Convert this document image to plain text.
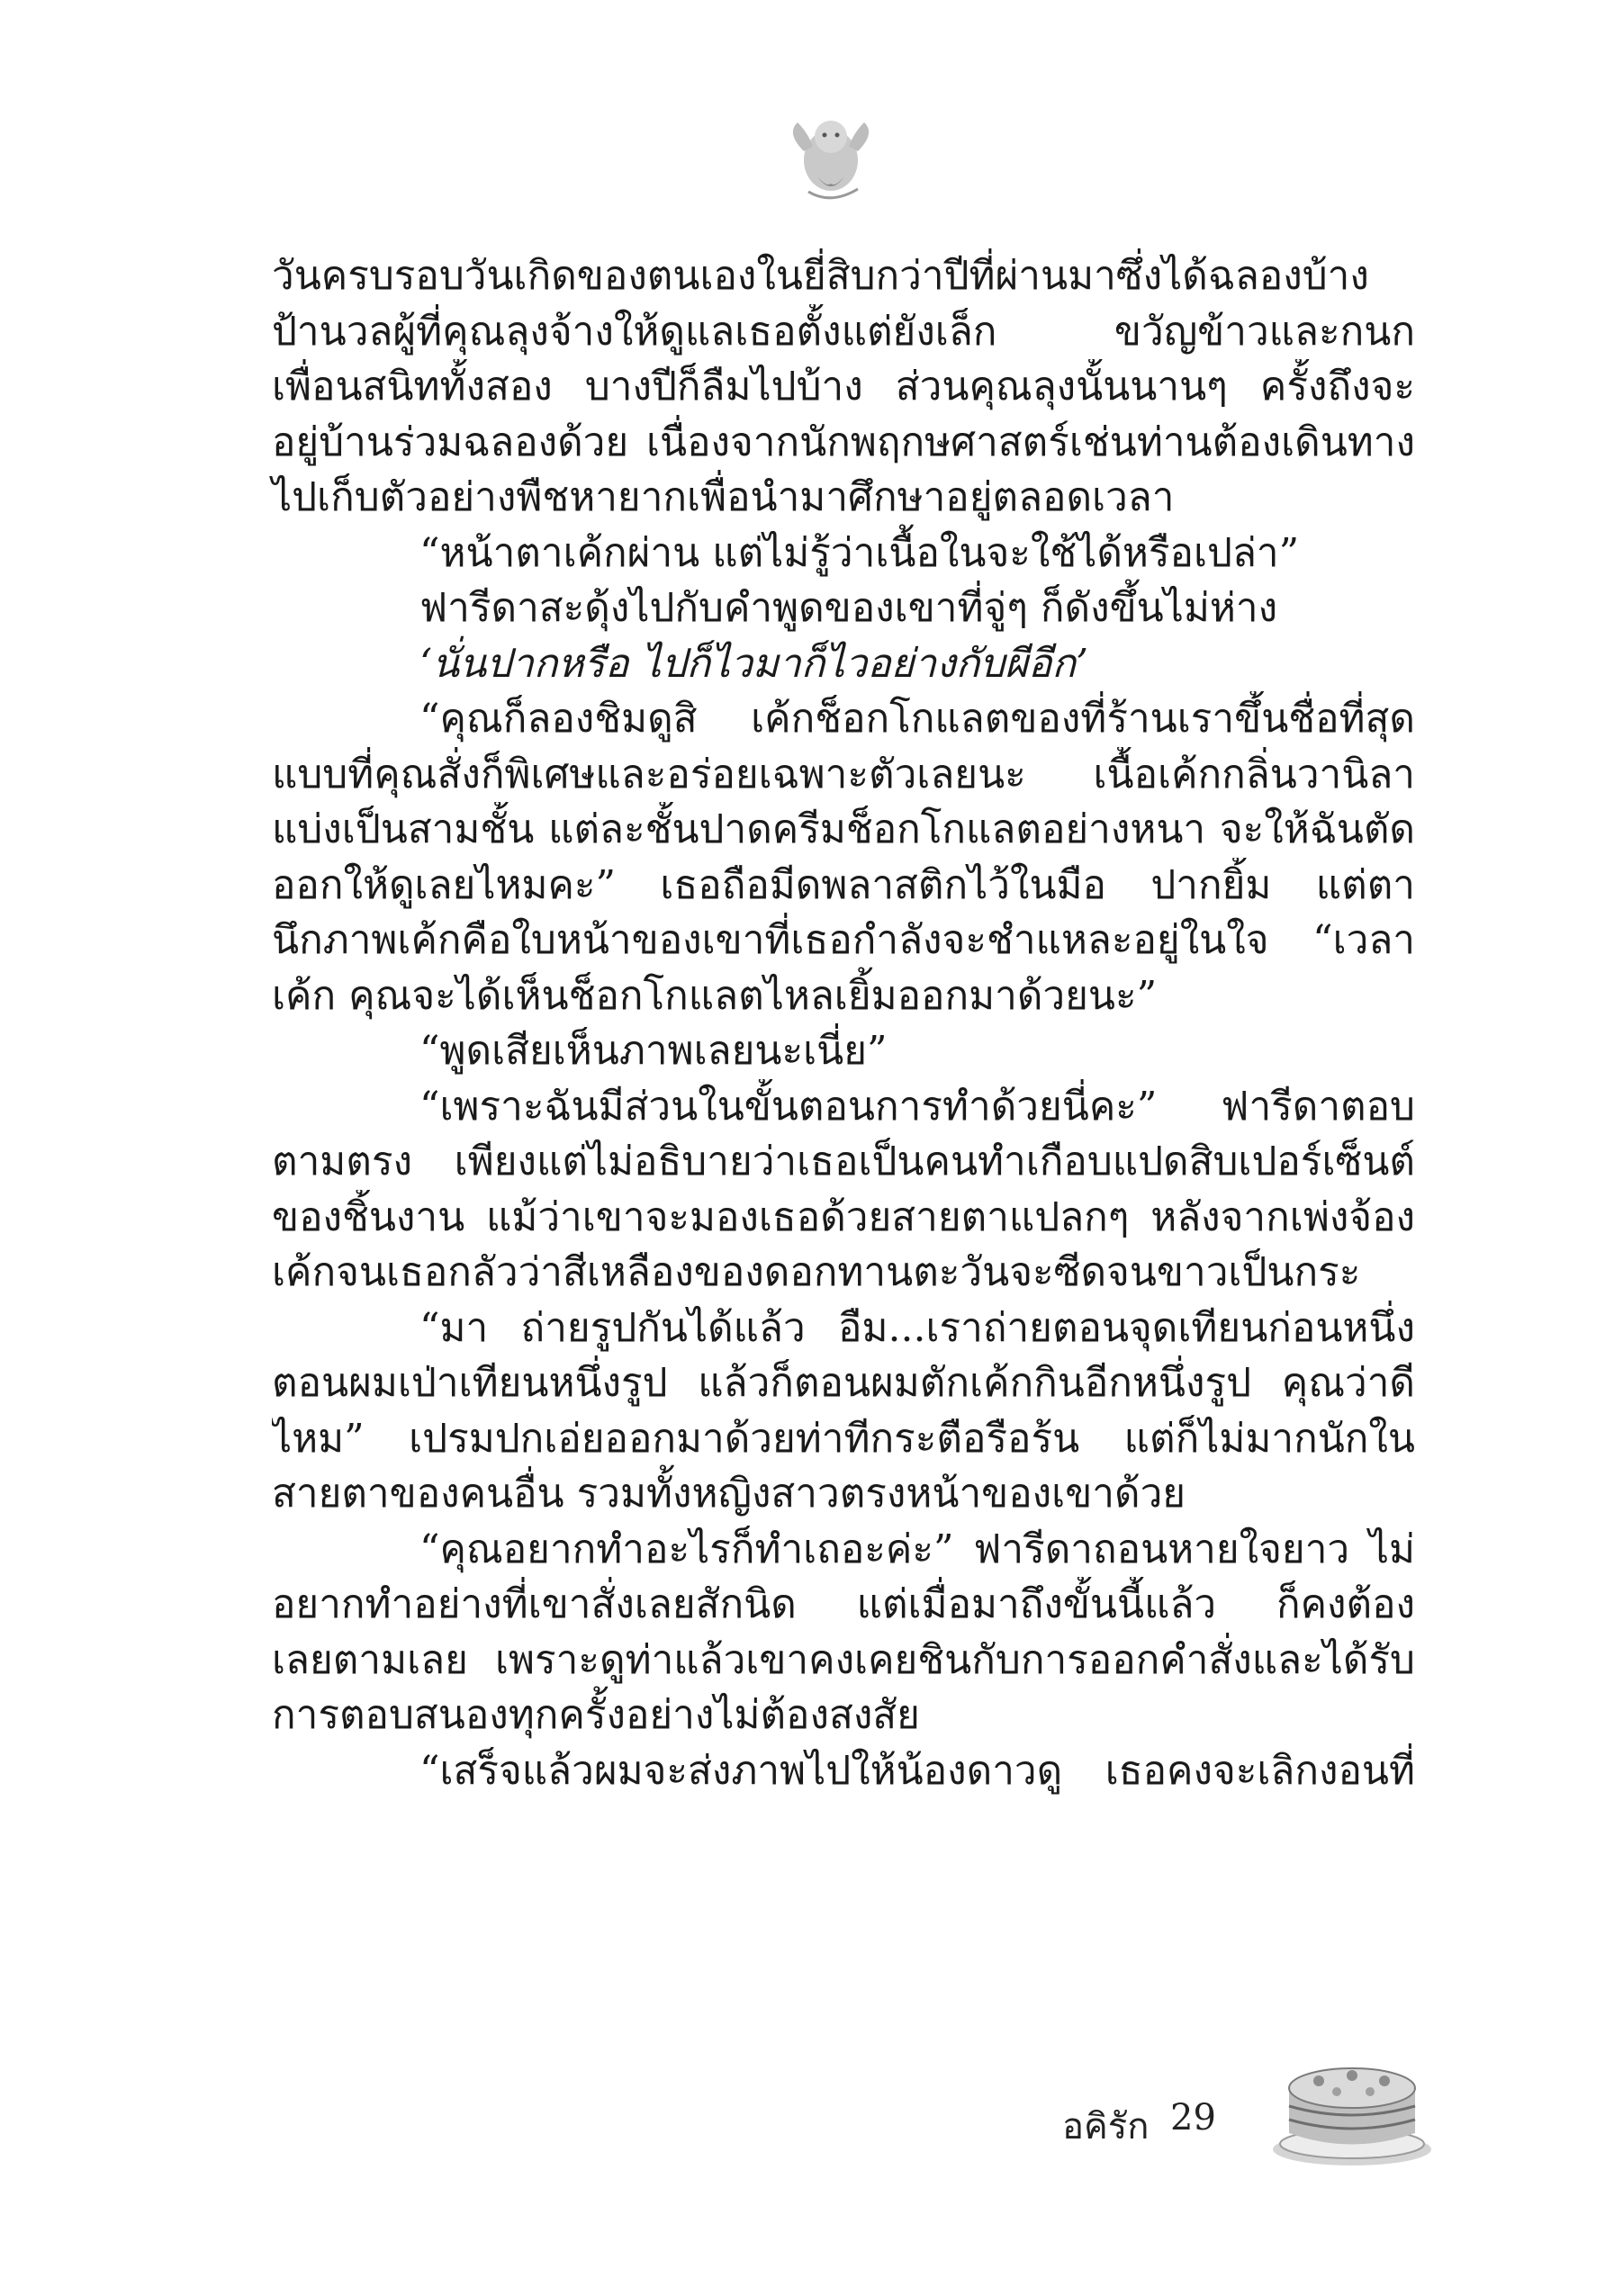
วันครบรอบวันเกิดของตนเองในยี่สิบกว่าปีที่ผ่านมาซึ่งได้ฉลองบ้าง
ป้านวลผู้ที่คุณลุงจ้างให้ดูแลเธอตั้งแต่ยังเล็ก ขวัญข้าวและกนก
เพื่อนสนิททั้งสอง บางปีก็ลืมไปบ้าง ส่วนคุณลุงนั้นนานๆ ครั้งถึงจะ
อยู่บ้านร่วมฉลองด้วย เนื่องจากนักพฤกษศาสตร์เช่นท่านต้องเดินทาง
ไปเก็บตัวอย่างพืชหายากเพื่อนำมาศึกษาอยู่ตลอดเวลา
“หน้าตาเค้กผ่าน แต่ไม่รู้ว่าเนื้อในจะใช้ได้หรือเปล่า”
ฟารีดาสะดุ้งไปกับคำพูดของเขาที่จู่ๆ ก็ดังขึ้นไม่ห่าง
‘นั่นปากหรือ ไปก็ไวมาก็ไวอย่างกับผีอีก’
“คุณก็ลองชิมดูสิ เค้กช็อกโกแลตของที่ร้านเราขึ้นชื่อที่สุด
แบบที่คุณสั่งก็พิเศษและอร่อยเฉพาะตัวเลยนะ เนื้อเค้กกลิ่นวานิลา
แบ่งเป็นสามชั้น แต่ละชั้นปาดครีมช็อกโกแลตอย่างหนา จะให้ฉันตัด
ออกให้ดูเลยไหมคะ” เธอถือมีดพลาสติกไว้ในมือ ปากยิ้ม แต่ตา
นึกภาพเค้กคือใบหน้าของเขาที่เธอกำลังจะชำแหละอยู่ในใจ “เวลา
เค้ก คุณจะได้เห็นช็อกโกแลตไหลเยิ้มออกมาด้วยนะ”
“พูดเสียเห็นภาพเลยนะเนี่ย”
“เพราะฉันมีส่วนในขั้นตอนการทำด้วยนี่คะ” ฟารีดาตอบ
ตามตรง เพียงแต่ไม่อธิบายว่าเธอเป็นคนทำเกือบแปดสิบเปอร์เซ็นต์
ของชิ้นงาน แม้ว่าเขาจะมองเธอด้วยสายตาแปลกๆ หลังจากเพ่งจ้อง
เค้กจนเธอกลัวว่าสีเหลืองของดอกทานตะวันจะซีดจนขาวเป็นกระ
“มา ถ่ายรูปกันได้แล้ว อืม...เราถ่ายตอนจุดเทียนก่อนหนึ่ง
ตอนผมเป่าเทียนหนึ่งรูป แล้วก็ตอนผมตักเค้กกินอีกหนึ่งรูป คุณว่าดี
ไหม” เปรมปกเอ่ยออกมาด้วยท่าทีกระตือรือร้น แต่ก็ไม่มากนักใน
สายตาของคนอื่น รวมทั้งหญิงสาวตรงหน้าของเขาด้วย
“คุณอยากทำอะไรก็ทำเถอะค่ะ” ฟารีดาถอนหายใจยาว ไม่
อยากทำอย่างที่เขาสั่งเลยสักนิด แต่เมื่อมาถึงขั้นนี้แล้ว ก็คงต้อง
เลยตามเลย เพราะดูท่าแล้วเขาคงเคยชินกับการออกคำสั่งและได้รับ
การตอบสนองทุกครั้งอย่างไม่ต้องสงสัย
“เสร็จแล้วผมจะส่งภาพไปให้น้องดาวดู เธอคงจะเลิกงอนที่
อคิรัก 29
